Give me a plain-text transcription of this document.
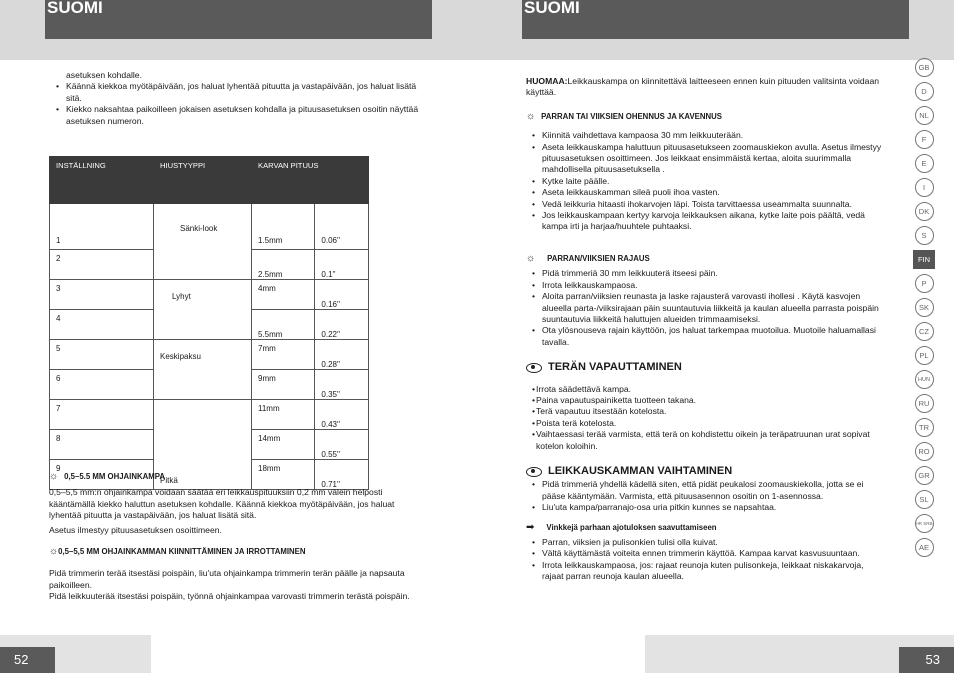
SUOMI

asetuksen kohdalle.

• Käännä kiekkoa myötäpäivään, jos haluat lyhentää pituutta ja vastapäivään, jos haluat lisätä sitä.
• Kiekko naksahtaa paikoilleen jokaisen asetuksen kohdalla ja pituusasetuksen osoitin näyttää asetuksen numeron.
INSTÄLLNING	HIUSTYYPPI	KARVAN PITUUS	
1	Sänki-look	1.5mm	0.06''
2		2.5mm	0.1''
3	Lyhyt	4mm	0.16''
4		5.5mm	0.22''
5	Keskipaksu	7mm	0.28''
6		9mm	0.35''
7	Pitkä	11mm	0.43''
8		14mm	0.55''
9		18mm	0.71''

☼ 0,5–5.5 MM OHJAINKAMPA

0,5–5,5 mm:n ohjainkampa voidaan säätää eri leikkauspituuksiin 0,2 mm välein helposti kääntämällä kiekko haluttun asetuksen kohdalle. Käännä kiekkoa myötäpäivään, jos haluat lyhentää pituutta ja vastapäivään, jos haluat lisätä sitä.

Asetus ilmestyy pituusasetuksen osoittimeen.

☼0,5–5,5 MM OHJAINKAMMAN KIINNITTÄMINEN JA IRROTTAMINEN

Pidä trimmerin terää itsestäsi poispäin, liu'uta ohjainkampa trimmerin terän päälle ja napsauta paikoilleen.

Pidä leikkuuterää itsestäsi poispäin, työnnä ohjainkampaa varovasti trimmerin terästä poispäin.

52
SUOMI

HUOMAA:Leikkauskampa on kiinnitettävä laitteeseen ennen kuin pituuden valitsinta voidaan käyttää.

☼ PARRAN TAI VIIKSIEN OHENNUS JA KAVENNUS

• Kiinnitä vaihdettava kampaosa 30 mm leikkuuterään.
• Aseta leikkauskampa haluttuun pituusasetukseen zoomauskiekon avulla. Asetus ilmestyy pituusasetuksen osoittimeen. Jos leikkaat ensimmäistä kertaa, aloita suurimmalla mahdollisella pituusasetuksella .
• Kytke laite päälle.
• Aseta leikkauskamman sileä puoli ihoa vasten.
• Vedä leikkuria hitaasti ihokarvojen läpi. Toista tarvittaessa useammalta suunnalta.
• Jos leikkauskampaan kertyy karvoja leikkauksen aikana, kytke laite pois päältä, vedä kampa irti ja harjaa/huuhtele puhtaaksi.

☼ PARRAN/VIIKSIEN RAJAUS

• Pidä trimmeriä 30 mm leikkuuterä itseesi päin.
• Irrota leikkauskampaosa.
• Aloita parran/viiksien reunasta ja laske rajausterä varovasti ihollesi . Käytä kasvojen alueella parta-/viiksirajaan päin suuntautuvia liikkeitä ja kaulan alueella parrasta poispäin suuntautuvia liikkeitä haluttujen alueiden trimmaamiseksi.
• Ota ylösnouseva rajain käyttöön, jos haluat tarkempaa muotoilua. Muotoile haluamallasi tavalla.

TERÄN VAPAUTTAMINEN

• Irrota säädettävä kampa.
• Paina vapautuspainiketta tuotteen takana.
• Terä vapautuu itsestään kotelosta.
• Poista terä kotelosta.
• Vaihtaessasi terää varmista, että terä on kohdistettu oikein ja teräpatruunan urat sopivat kotelon koloihin.

LEIKKAUSKAMMAN VAIHTAMINEN

• Pidä trimmeriä yhdellä kädellä siten, että pidät peukalosi zoomauskiekolla, jotta se ei pääse kääntymään. Varmista, että pituusasennon osoitin on 1-asennossa.
• Liu'uta kampa/parranajo-osa uria pitkin kunnes se napsahtaa.

➡ Vinkkejä parhaan ajotuloksen saavuttamiseen

• Parran, viiksien ja pulisonkien tulisi olla kuivat.
• Vältä käyttämästä voiteita ennen trimmerin käyttöä. Kampaa karvat kasvusuuntaan.
• Irrota leikkauskampaosa, jos: rajaat reunoja kuten pulisonkeja, leikkaat niskakarvoja, rajaat parran reunoja kaulan alueella.
53
GB
D
NL
F
E
I
DK
S
FIN
P
SK
CZ
PL
HUN
RU
TR
RO
GR
SL
HR SRB
AE
